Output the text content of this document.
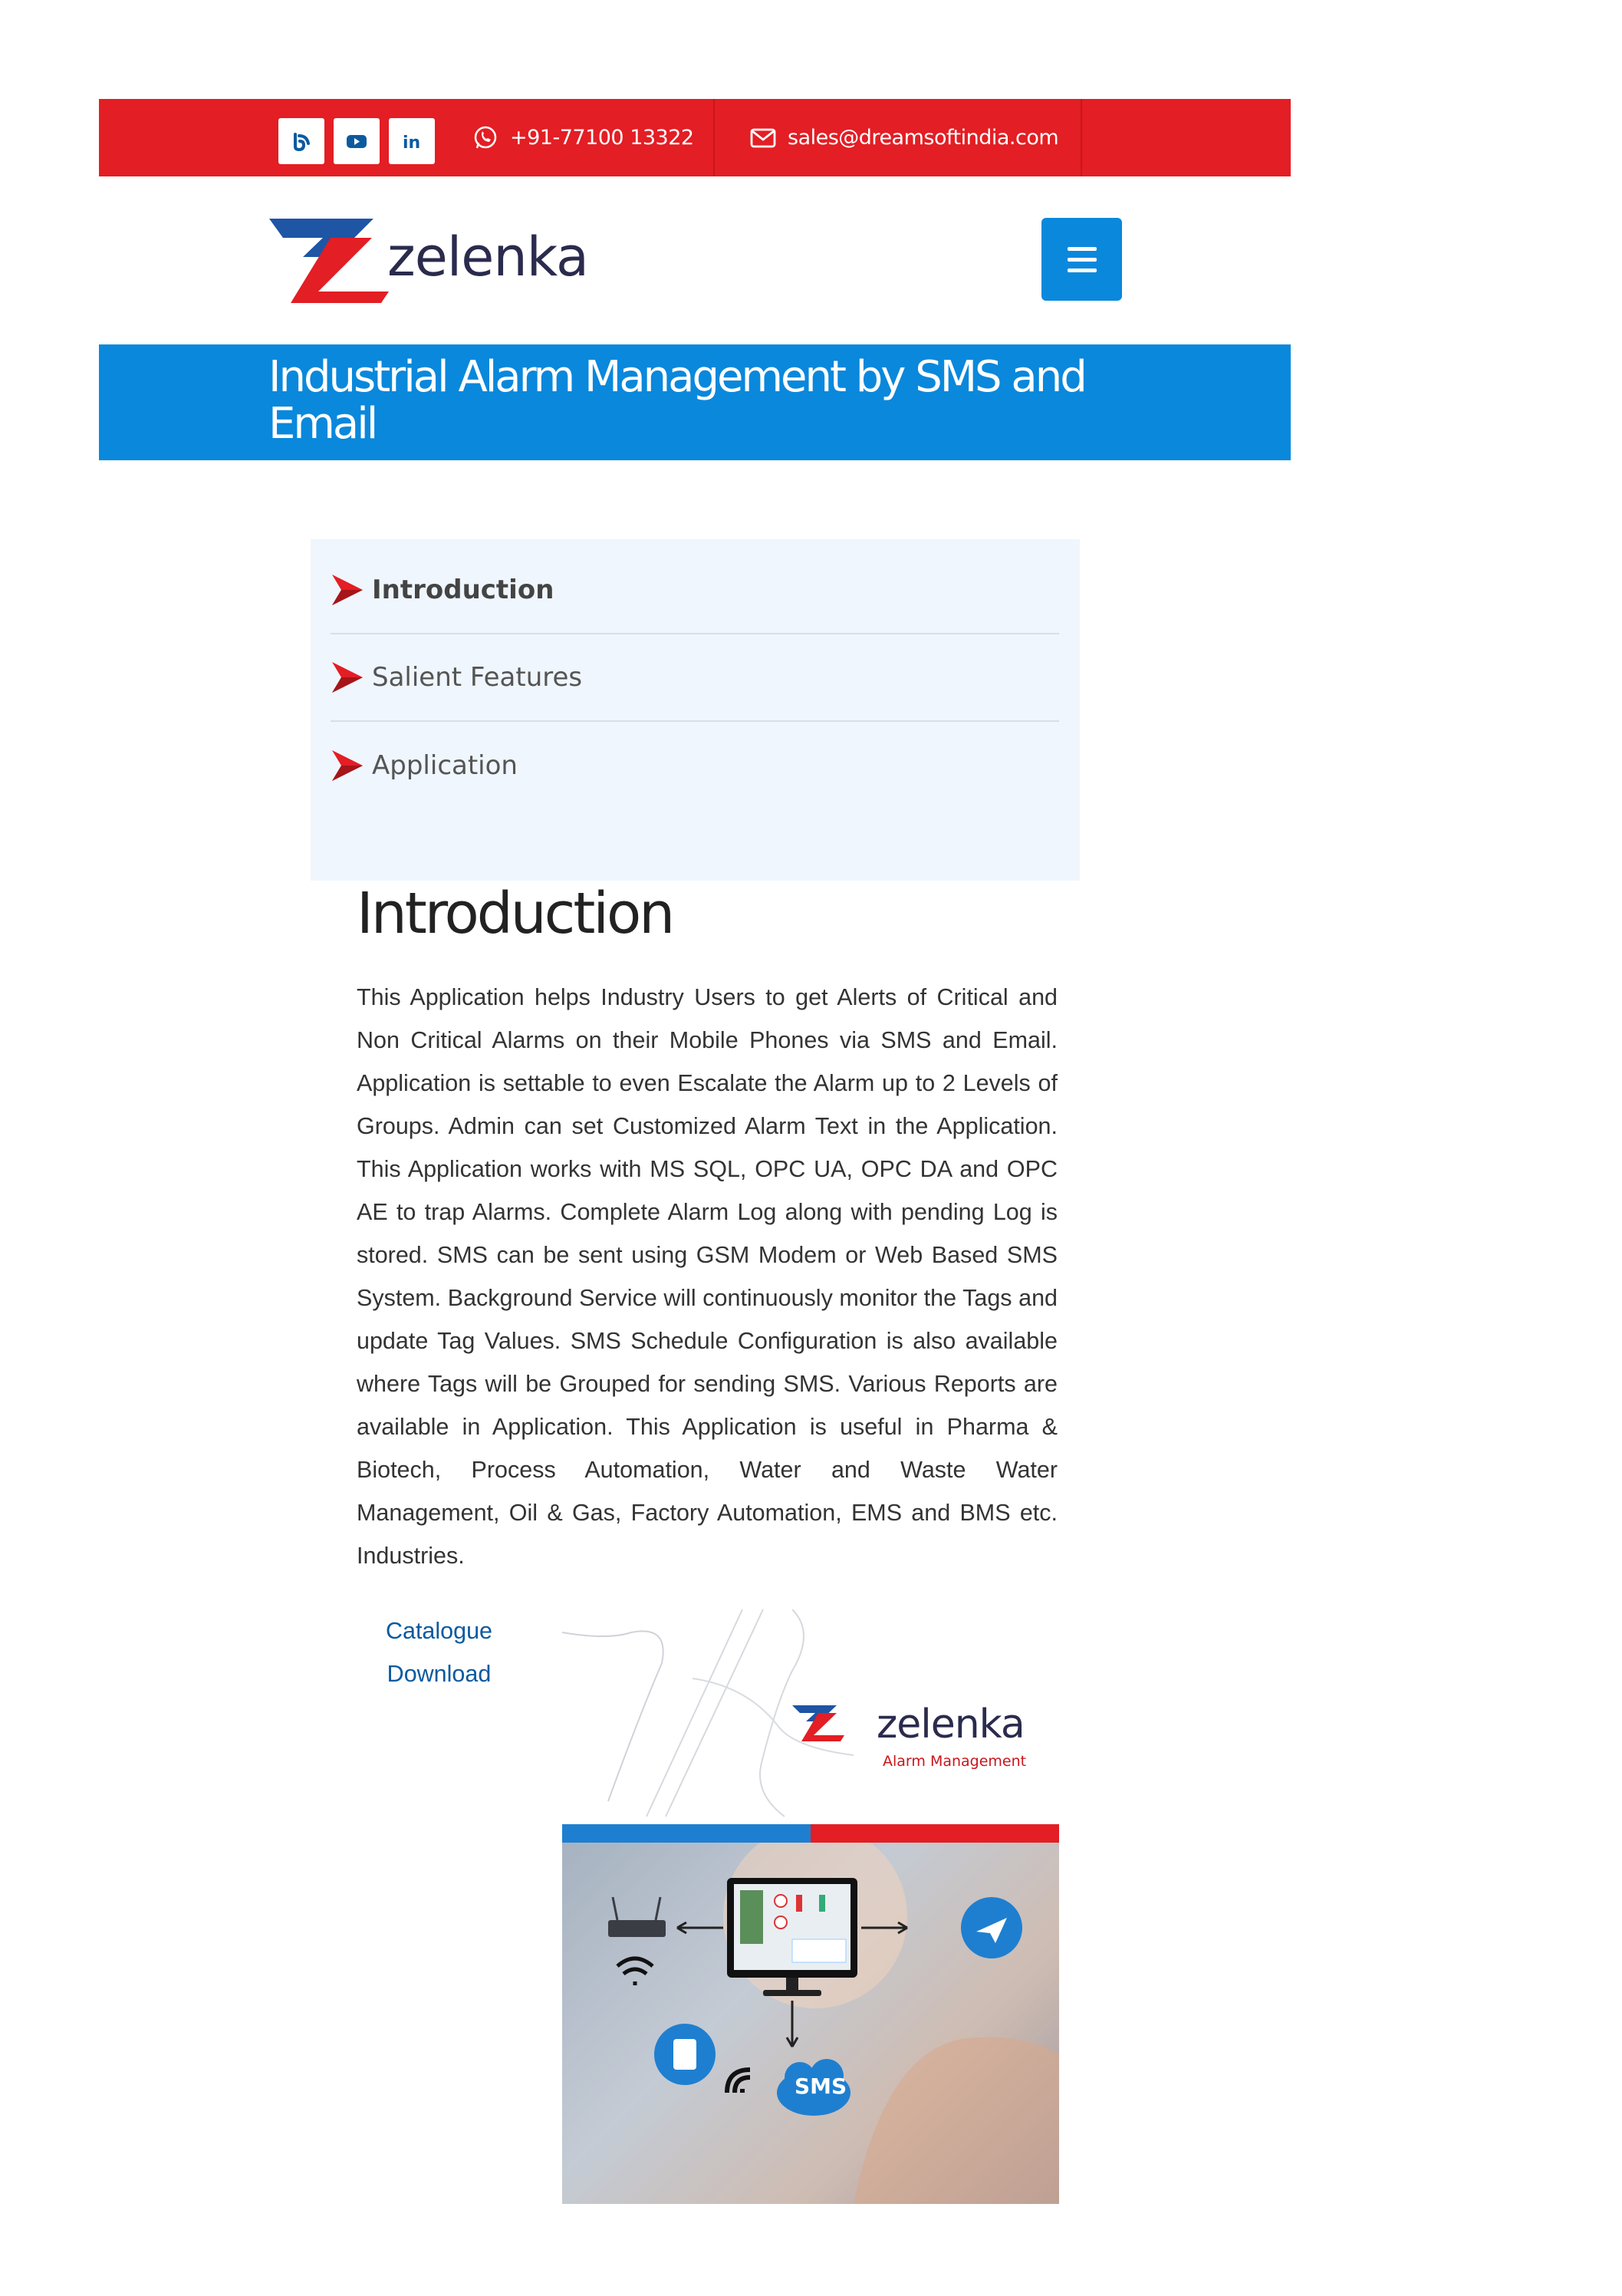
in	+91-77100 13322	sales@dreamsoftindia.com
zelenka
Industrial Alarm Management by SMS and Email
Introduction
Salient Features
Application
Introduction

This Application helps Industry Users to get Alerts of Critical and Non Critical Alarms on their Mobile Phones via SMS and Email. Application is settable to even Escalate the Alarm up to 2 Levels of Groups. Admin can set Customized Alarm Text in the Application. This Application works with MS SQL, OPC UA, OPC DA and OPC AE to trap Alarms. Complete Alarm Log along with pending Log is stored. SMS can be sent using GSM Modem or Web Based SMS System. Background Service will continuously monitor the Tags and update Tag Values. SMS Schedule Configuration is also available where Tags will be Grouped for sending SMS. Various Reports are available in Application. This Application is useful in Pharma & Biotech, Process Automation, Water and Waste Water Management, Oil & Gas, Factory Automation, EMS and BMS etc. Industries.

Catalogue Download
zelenka
Alarm Management
SMS
